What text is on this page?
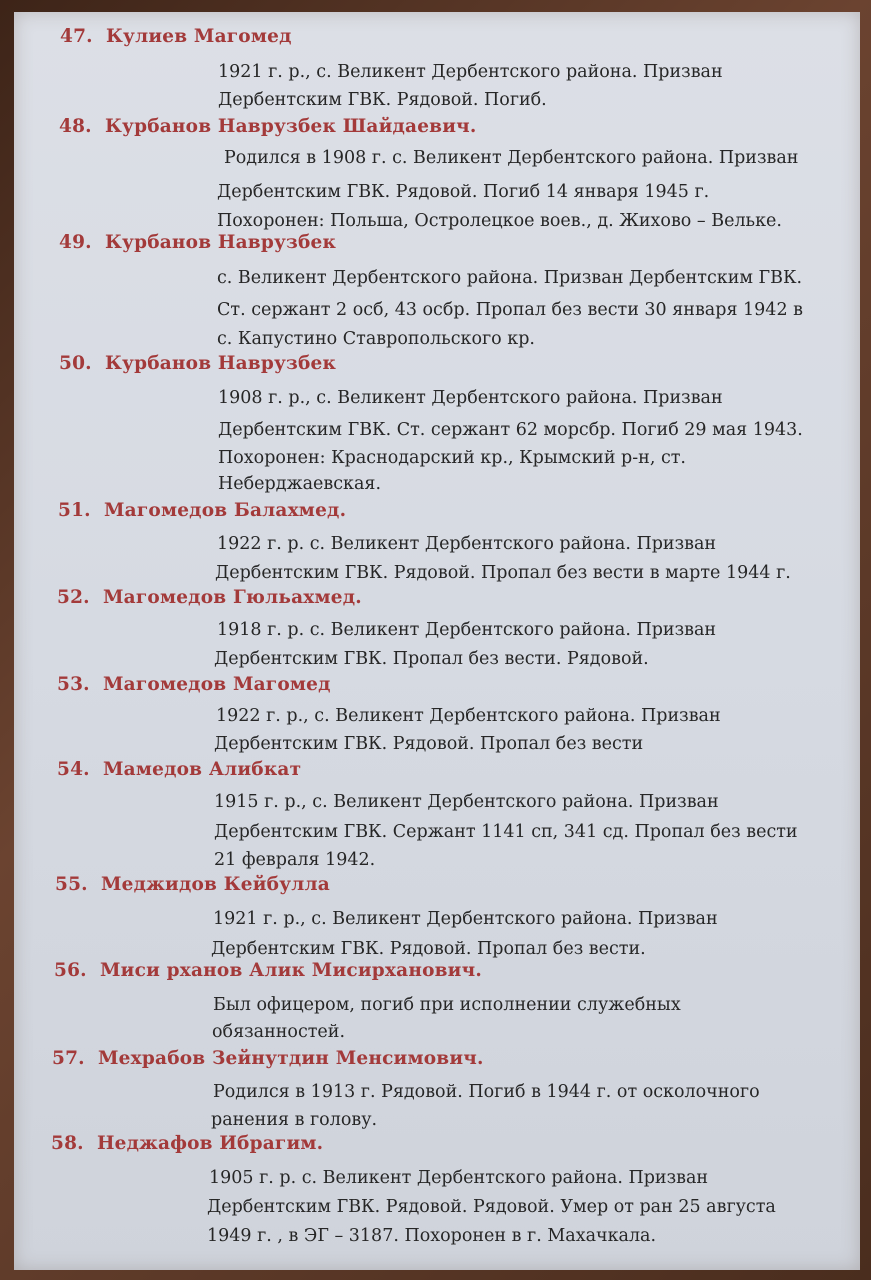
47. Кулиев Магомед
1921 г. р., с. Великент Дербентского района. Призван
Дербентским ГВК. Рядовой. Погиб.
48. Курбанов Наврузбек Шайдаевич.
Родился в 1908 г. с. Великент Дербентского района. Призван
Дербентским ГВК. Рядовой. Погиб 14 января 1945 г.
Похоронен: Польша, Остролецкое воев., д. Жихово – Вельке.
49. Курбанов Наврузбек
с. Великент Дербентского района. Призван Дербентским ГВК.
Ст. сержант 2 осб, 43 осбр. Пропал без вести 30 января 1942 в
с. Капустино Ставропольского кр.
50. Курбанов Наврузбек
1908 г. р., с. Великент Дербентского района. Призван
Дербентским ГВК. Ст. сержант 62 морсбр. Погиб 29 мая 1943.
Похоронен: Краснодарский кр., Крымский р-н, ст.
Неберджаевская.
51. Магомедов Балахмед.
1922 г. р. с. Великент Дербентского района. Призван
Дербентским ГВК. Рядовой. Пропал без вести в марте 1944 г.
52. Магомедов Гюльахмед.
1918 г. р. с. Великент Дербентского района. Призван
Дербентским ГВК. Пропал без вести. Рядовой.
53. Магомедов Магомед
1922 г. р., с. Великент Дербентского района. Призван
Дербентским ГВК. Рядовой. Пропал без вести
54. Мамедов Алибкат
1915 г. р., с. Великент Дербентского района. Призван
Дербентским ГВК. Сержант 1141 сп, 341 сд. Пропал без вести
21 февраля 1942.
55. Меджидов Кейбулла
1921 г. р., с. Великент Дербентского района. Призван
Дербентским ГВК. Рядовой. Пропал без вести.
56. Миси рханов Алик Мисирханович.
Был офицером, погиб при исполнении служебных
обязанностей.
57. Мехрабов Зейнутдин Менсимович.
Родился в 1913 г. Рядовой. Погиб в 1944 г. от осколочного
ранения в голову.
58. Неджафов Ибрагим.
1905 г. р. с. Великент Дербентского района. Призван
Дербентским ГВК. Рядовой. Рядовой. Умер от ран 25 августа
1949 г. , в ЭГ – 3187. Похоронен в г. Махачкала.
